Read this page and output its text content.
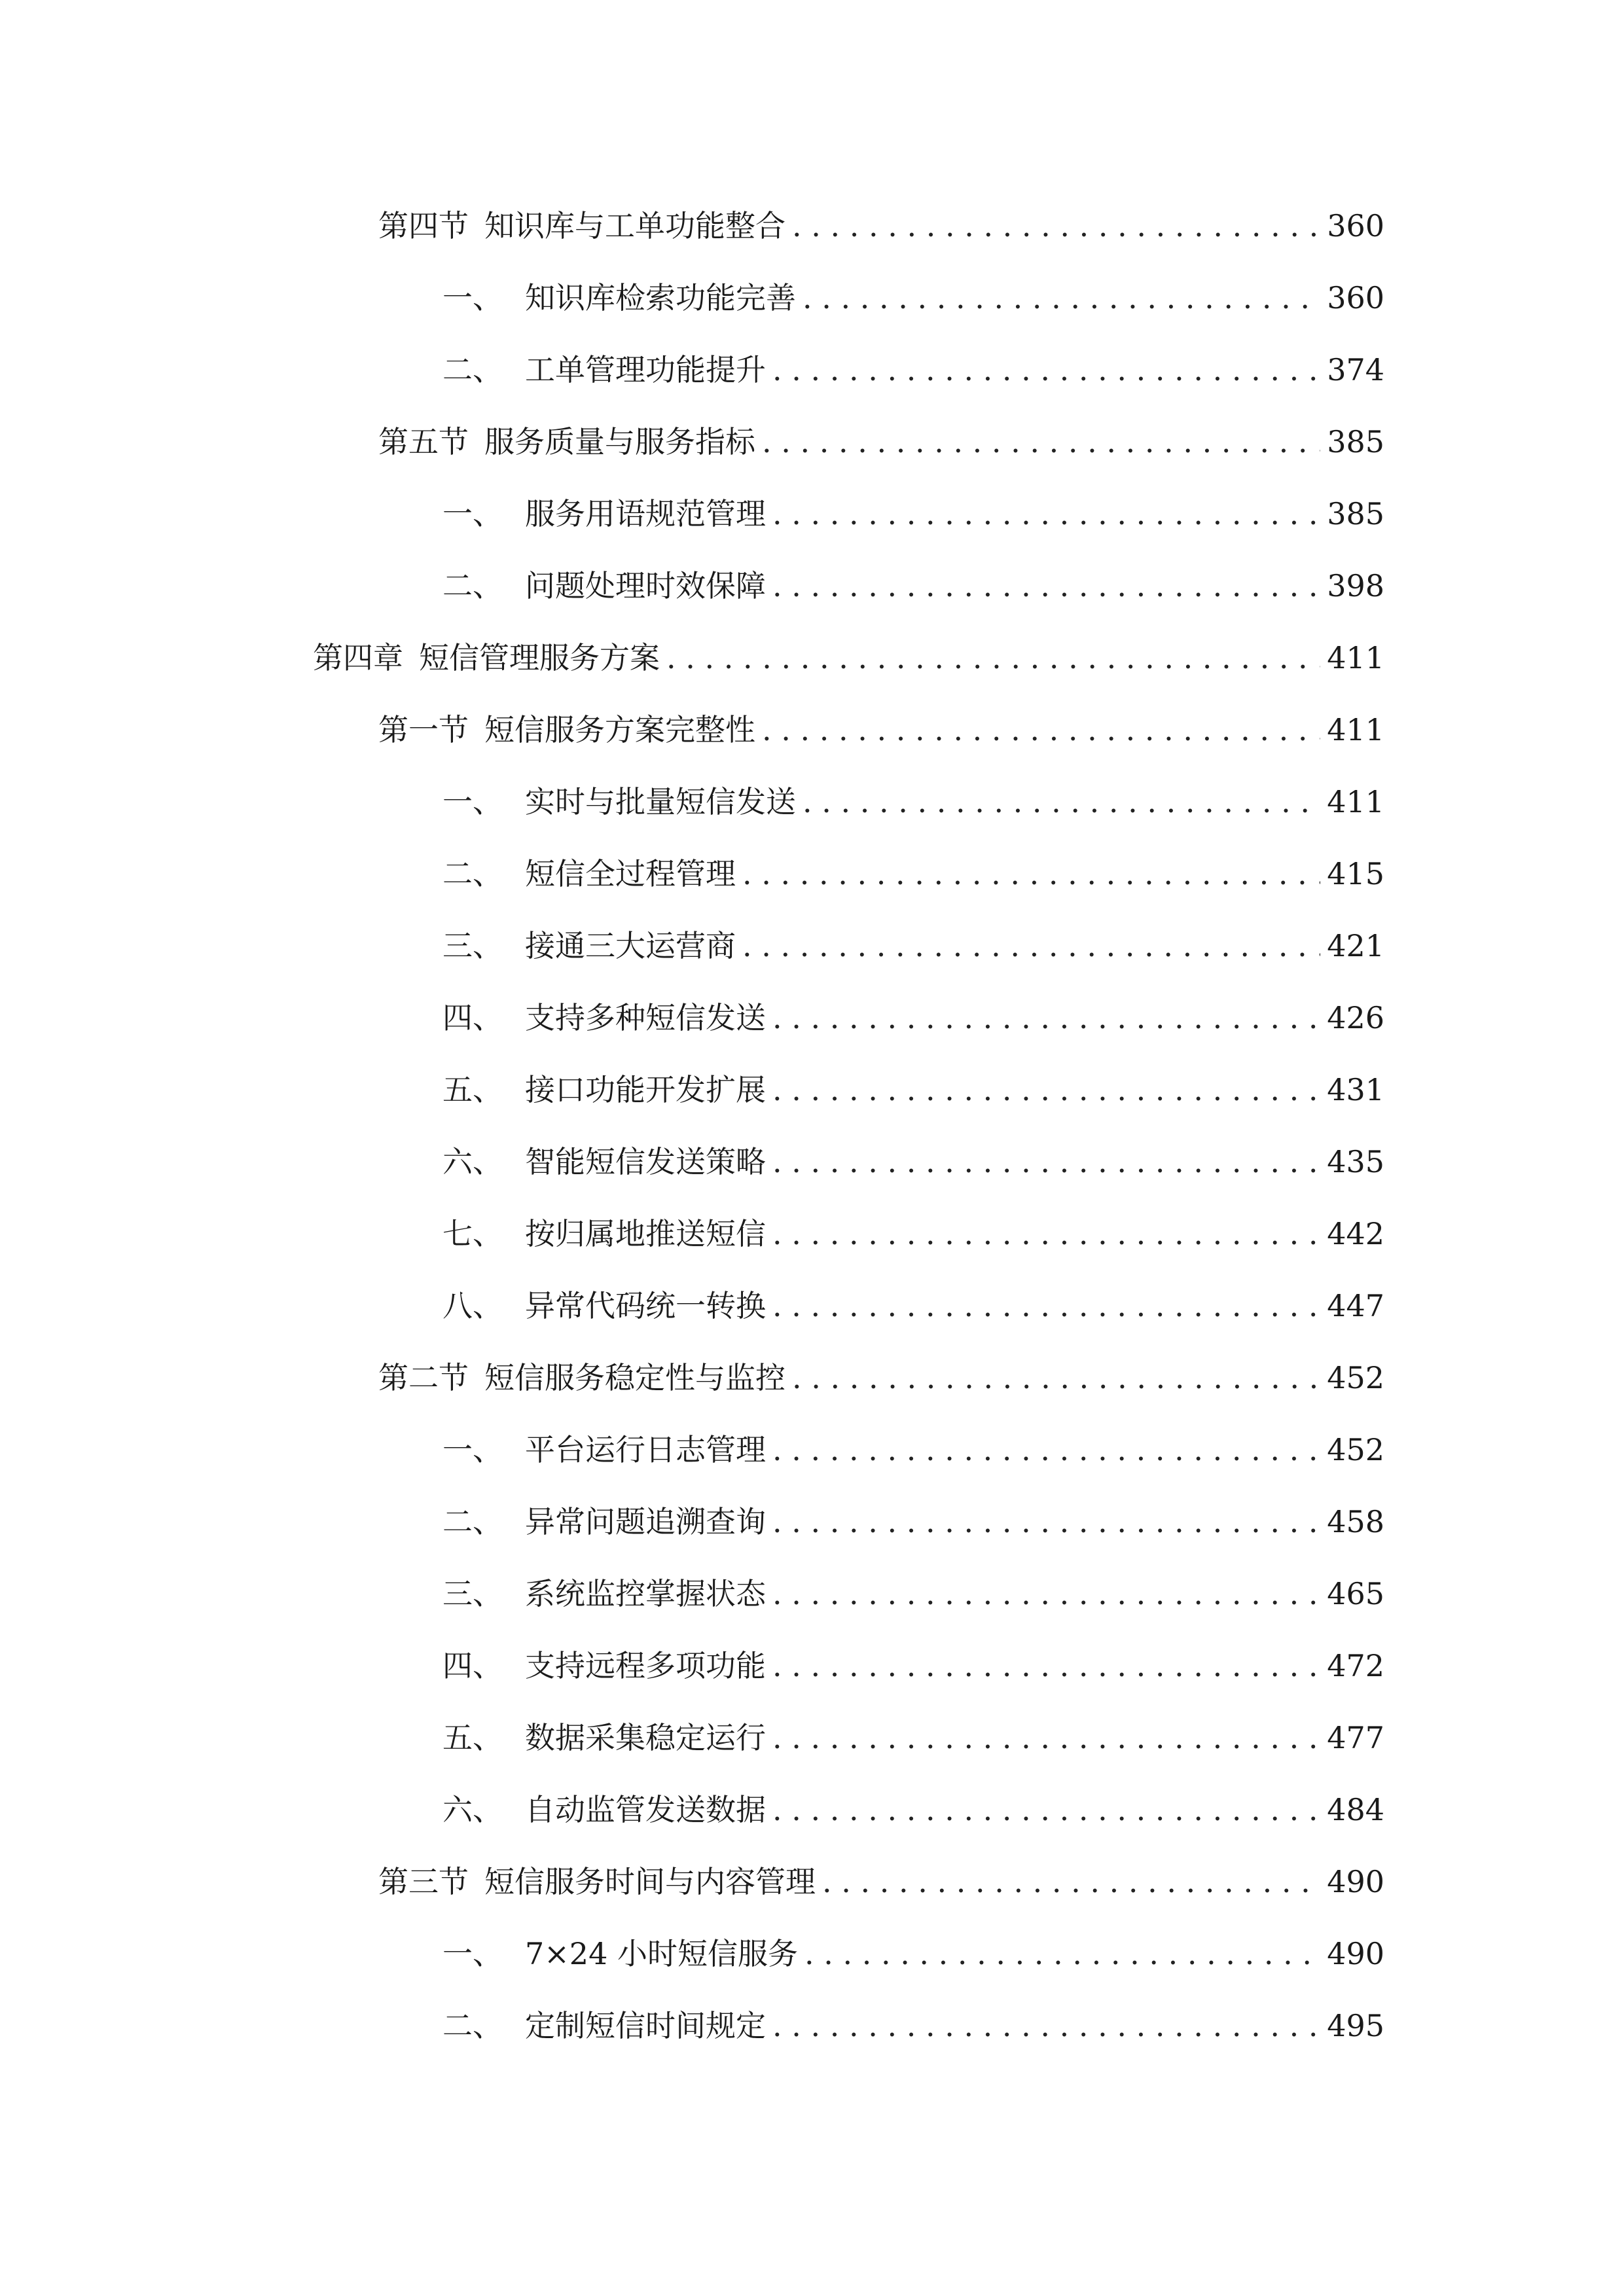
第四节 知识库与工单功能整合 . . .	360
一、 知识库检索功能完善 . . .	360
二、 工单管理功能提升 . . .	374
第五节 服务质量与服务指标 . . .	385
一、 服务用语规范管理 . . .	385
二、 问题处理时效保障 . . .	398
第四章 短信管理服务方案 . . .	411
第一节 短信服务方案完整性 . . .	411
一、 实时与批量短信发送 . . .	411
二、 短信全过程管理 . . .	415
三、 接通三大运营商 . . .	421
四、 支持多种短信发送 . . .	426
五、 接口功能开发扩展 . . .	431
六、 智能短信发送策略 . . .	435
七、 按归属地推送短信 . . .	442
八、 异常代码统一转换 . . .	447
第二节 短信服务稳定性与监控 . . .	452
一、 平台运行日志管理 . . .	452
二、 异常问题追溯查询 . . .	458
三、 系统监控掌握状态 . . .	465
四、 支持远程多项功能 . . .	472
五、 数据采集稳定运行 . . .	477
六、 自动监管发送数据 . . .	484
第三节 短信服务时间与内容管理 . . .	490
一、 7×24 小时短信服务 . . .	490
二、 定制短信时间规定 . . .	495
